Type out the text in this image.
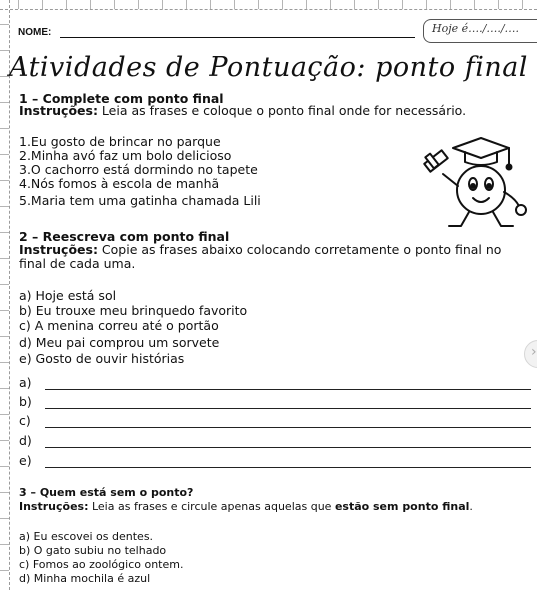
NOME:	Hoje é…./…./….
Atividades de Pontuação: ponto final
1 – Complete com ponto final
Instruções: Leia as frases e coloque o ponto final onde for necessário.
1.Eu gosto de brincar no parque
2.Minha avó faz um bolo delicioso
3.O cachorro está dormindo no tapete
4.Nós fomos à escola de manhã
5.Maria tem uma gatinha chamada Lili
2 – Reescreva com ponto final
Instruções: Copie as frases abaixo colocando corretamente o ponto final no final de cada uma.
a) Hoje está sol
b) Eu trouxe meu brinquedo favorito
c) A menina correu até o portão
d) Meu pai comprou um sorvete
e) Gosto de ouvir histórias
a)
b)
c)
d)
e)
3 – Quem está sem o ponto?
Instruções: Leia as frases e circule apenas aquelas que estão sem ponto final.
a) Eu escovei os dentes.
b) O gato subiu no telhado
c) Fomos ao zoológico ontem.
d) Minha mochila é azul
›
